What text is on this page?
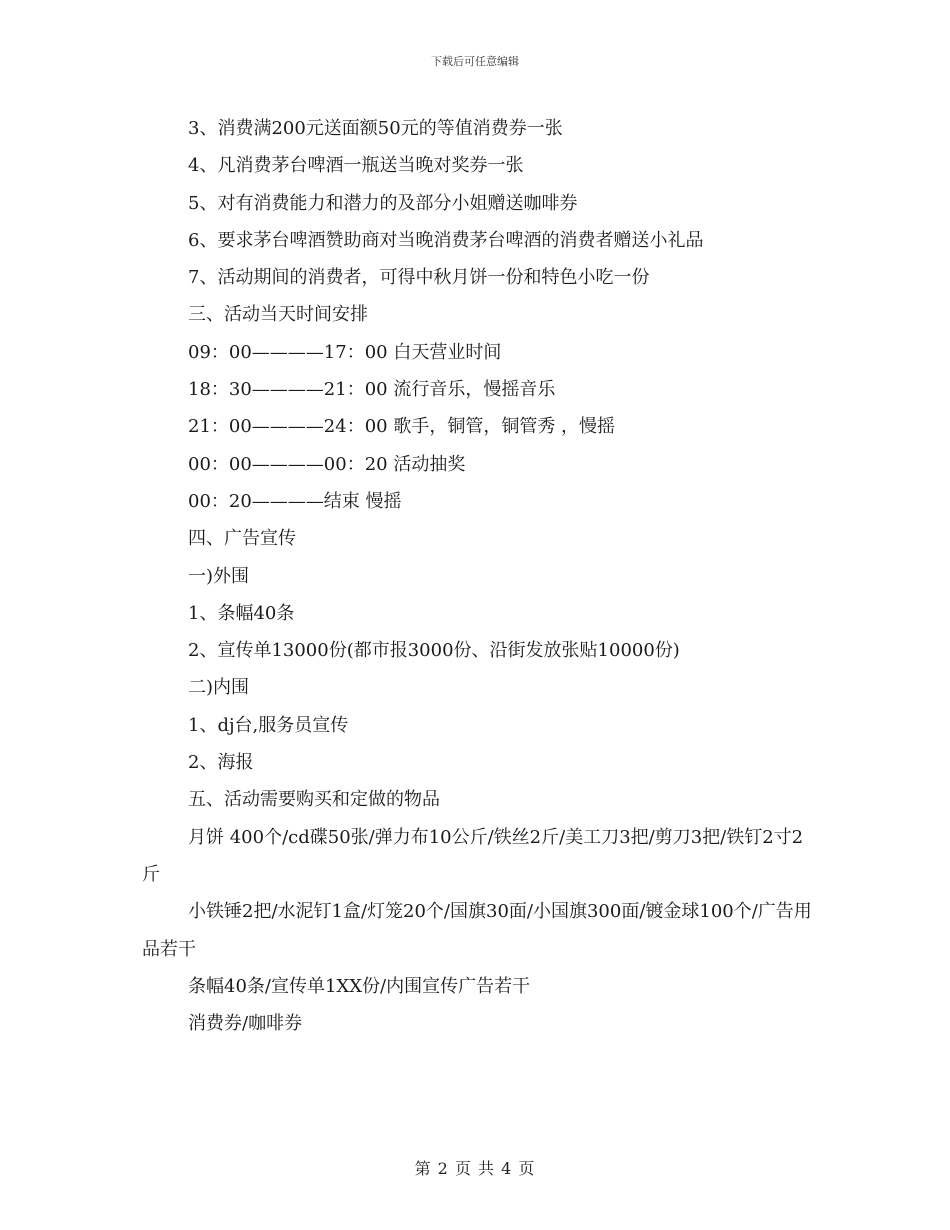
下载后可任意编辑
3、消费满200元送面额50元的等值消费券一张
4、凡消费茅台啤酒一瓶送当晚对奖券一张
5、对有消费能力和潜力的及部分小姐赠送咖啡券
6、要求茅台啤酒赞助商对当晚消费茅台啤酒的消费者赠送小礼品
7、活动期间的消费者，可得中秋月饼一份和特色小吃一份
三、活动当天时间安排
09：00————17：00 白天营业时间
18：30————21：00 流行音乐，慢摇音乐
21：00————24：00 歌手，铜管，铜管秀 ，慢摇
00：00————00：20 活动抽奖
00：20————结束 慢摇
四、广告宣传
一)外围
1、条幅40条
2、宣传单13000份(都市报3000份、沿街发放张贴10000份)
二)内围
1、dj台,服务员宣传
2、海报
五、活动需要购买和定做的物品
月饼 400个/cd碟50张/弹力布10公斤/铁丝2斤/美工刀3把/剪刀3把/铁钉2寸2斤
小铁锤2把/水泥钉1盒/灯笼20个/国旗30面/小国旗300面/镀金球100个/广告用品若干
条幅40条/宣传单1XX份/内围宣传广告若干
消费券/咖啡券
第 2 页 共 4 页
